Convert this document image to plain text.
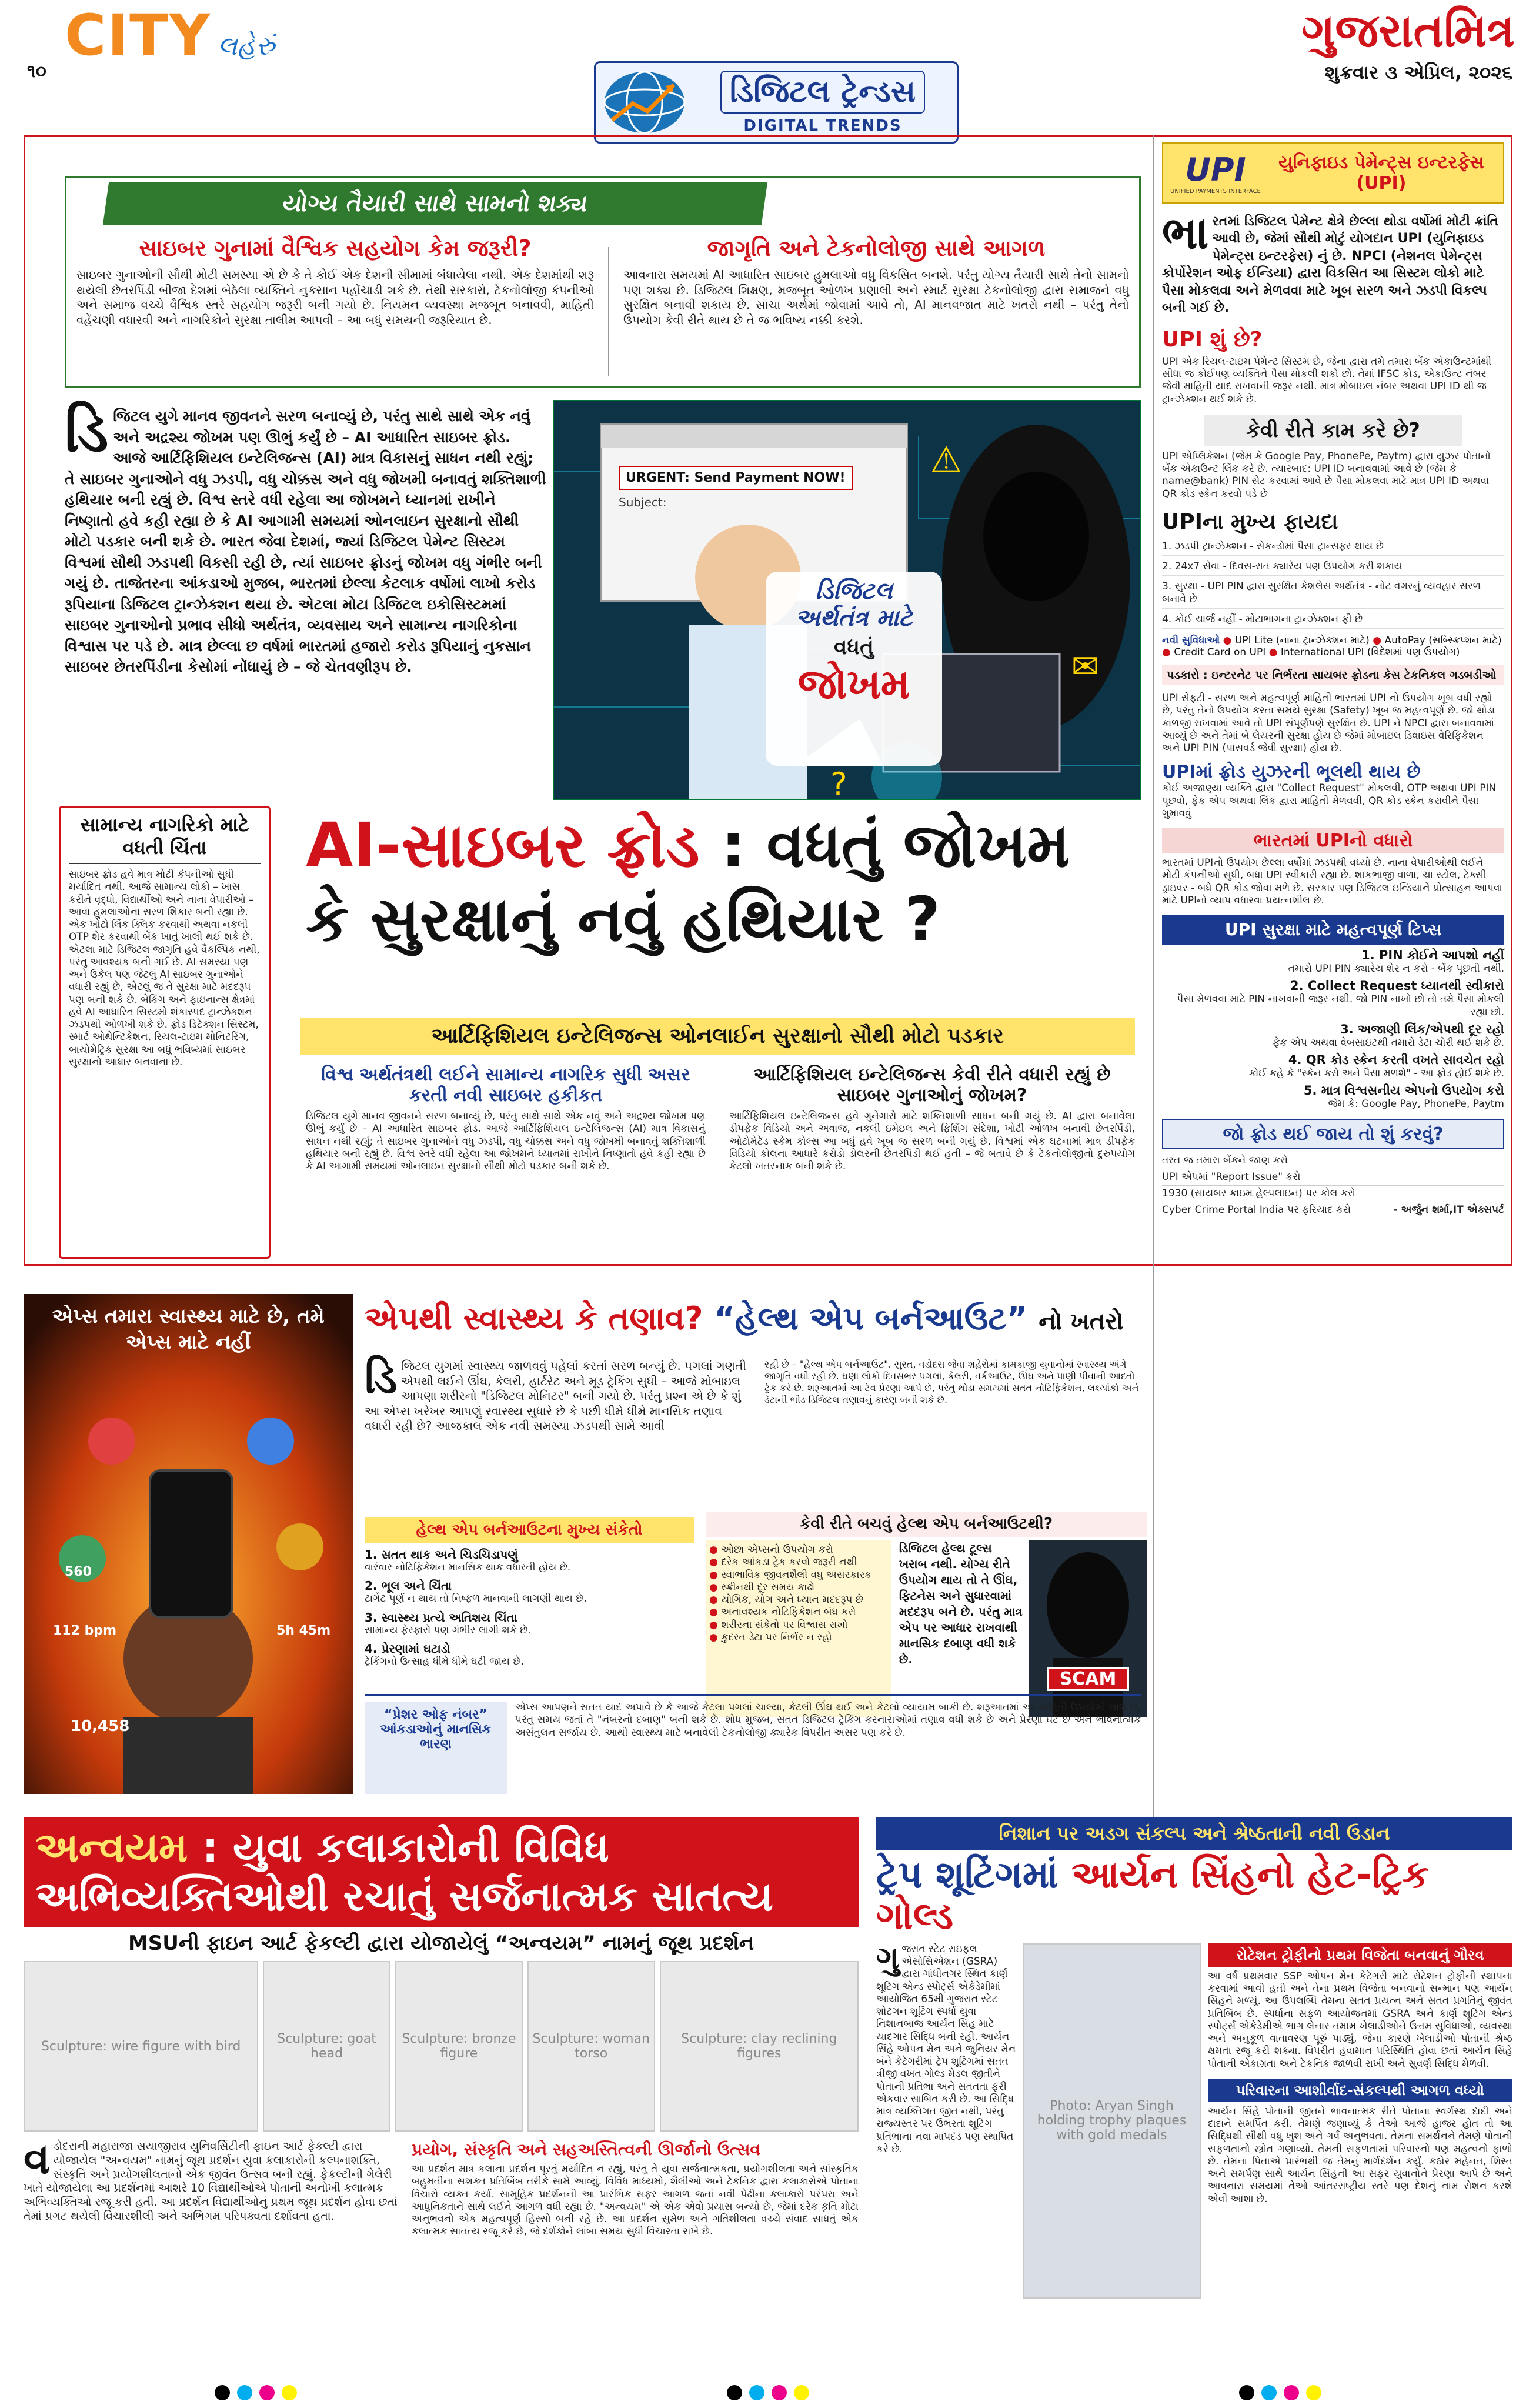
૧૦
CITY લહેરું
ડિજિટલ ટ્રેન્ડસ
DIGITAL TRENDS
ગુજરાતમિત્ર
શુક્રવાર ૩ એપ્રિલ, ૨૦૨૬
યોગ્ય તૈયારી સાથે સામનો શક્ય
સાઇબર ગુનામાં વૈશ્વિક સહયોગ કેમ જરૂરી?
સાઇબર ગુનાઓની સૌથી મોટી સમસ્યા એ છે કે તે કોઈ એક દેશની સીમામાં બંધાયેલા નથી. એક દેશમાંથી શરૂ થયેલી છેતરપિંડી બીજા દેશમાં બેઠેલા વ્યક્તિને નુકસાન પહોંચાડી શકે છે. તેથી સરકારો, ટેકનોલોજી કંપનીઓ અને સમાજ વચ્ચે વૈશ્વિક સ્તરે સહયોગ જરૂરી બની ગયો છે. નિયમન વ્યવસ્થા મજબૂત બનાવવી, માહિતી વહેંચણી વધારવી અને નાગરિકોને સુરક્ષા તાલીમ આપવી – આ બધું સમયની જરૂરિયાત છે.
જાગૃતિ અને ટેકનોલોજી સાથે આગળ
આવનારા સમયમાં AI આધારિત સાઇબર હુમલાઓ વધુ વિકસિત બનશે. પરંતુ યોગ્ય તૈયારી સાથે તેનો સામનો પણ શક્ય છે. ડિજિટલ શિક્ષણ, મજબૂત ઓળખ પ્રણાલી અને સ્માર્ટ સુરક્ષા ટેકનોલોજી દ્વારા સમાજને વધુ સુરક્ષિત બનાવી શકાય છે. સાચા અર્થમાં જોવામાં આવે તો, AI માનવજાત માટે ખતરો નથી – પરંતુ તેનો ઉપયોગ કેવી રીતે થાય છે તે જ ભવિષ્ય નક્કી કરશે.
ડિ જિટલ યુગે માનવ જીવનને સરળ બનાવ્યું છે, પરંતુ સાથે સાથે એક નવું અને અદ્રશ્ય જોખમ પણ ઊભું કર્યું છે – AI આધારિત સાઇબર ફ્રોડ. આજે આર્ટિફિશિયલ ઇન્ટેલિજન્સ (AI) માત્ર વિકાસનું સાધન નથી રહ્યું; તે સાઇબર ગુનાઓને વધુ ઝડપી, વધુ ચોક્કસ અને વધુ જોખમી બનાવતું શક્તિશાળી હથિયાર બની રહ્યું છે. વિશ્વ સ્તરે વધી રહેલા આ જોખમને ધ્યાનમાં રાખીને નિષ્ણાતો હવે કહી રહ્યા છે કે AI આગામી સમયમાં ઓનલાઇન સુરક્ષાનો સૌથી મોટો પડકાર બની શકે છે. ભારત જેવા દેશમાં, જ્યાં ડિજિટલ પેમેન્ટ સિસ્ટમ વિશ્વમાં સૌથી ઝડપથી વિકસી રહી છે, ત્યાં સાઇબર ફ્રોડનું જોખમ વધુ ગંભીર બની ગયું છે. તાજેતરના આંકડાઓ મુજબ, ભારતમાં છેલ્લા કેટલાક વર્ષોમાં લાખો કરોડ રૂપિયાના ડિજિટલ ટ્રાન્ઝેક્શન થયા છે. એટલા મોટા ડિજિટલ ઇકોસિસ્ટમમાં સાઇબર ગુનાઓનો પ્રભાવ સીધો અર્થતંત્ર, વ્યવસાય અને સામાન્ય નાગરિકોના વિશ્વાસ પર પડે છે. માત્ર છેલ્લા છ વર્ષમાં ભારતમાં હજારો કરોડ રૂપિયાનું નુકસાન સાઇબર છેતરપિંડીના કેસોમાં નોંધાયું છે – જે ચેતવણીરૂપ છે.
?
⚠
✉
URGENT: Send Payment NOW!
Subject:
ડિજિટલ
અર્થતંત્ર માટે
વધતું
જોખમ
સામાન્ય નાગરિકો માટે વધતી ચિંતા
સાઇબર ફ્રોડ હવે માત્ર મોટી કંપનીઓ સુધી મર્યાદિત નથી. આજે સામાન્ય લોકો – ખાસ કરીને વૃદ્ધો, વિદ્યાર્થીઓ અને નાના વેપારીઓ – આવા હુમલાઓના સરળ શિકાર બની રહ્યા છે. એક ખોટો લિંક ક્લિક કરવાથી અથવા નકલી OTP શેર કરવાથી બેંક ખાતું ખાલી થઈ શકે છે. એટલા માટે ડિજિટલ જાગૃતિ હવે વૈકલ્પિક નથી, પરંતુ આવશ્યક બની ગઈ છે. AI સમસ્યા પણ અને ઉકેલ પણ જેટલું AI સાઇબર ગુનાઓને વધારી રહ્યું છે, એટલું જ તે સુરક્ષા માટે મદદરૂપ પણ બની શકે છે. બેંકિંગ અને ફાઇનાન્સ ક્ષેત્રમાં હવે AI આધારિત સિસ્ટમો શંકાસ્પદ ટ્રાન્ઝેક્શન ઝડપથી ઓળખી શકે છે. ફ્રોડ ડિટેક્શન સિસ્ટમ, સ્માર્ટ ઓથેન્ટિકેશન, રિયલ-ટાઇમ મોનિટરિંગ, બાયોમેટ્રિક સુરક્ષા આ બધું ભવિષ્યમાં સાઇબર સુરક્ષાનો આધાર બનવાના છે.
AI-સાઇબર ફ્રોડ : વધતું જોખમ
કે સુરક્ષાનું નવું હથિયાર ?
આર્ટિફિશિયલ ઇન્ટેલિજન્સ ઓનલાઈન સુરક્ષાનો સૌથી મોટો પડકાર
વિશ્વ અર્થતંત્રથી લઈને સામાન્ય નાગરિક સુધી અસર કરતી નવી સાઇબર હકીકત
ડિજિટલ યુગે માનવ જીવનને સરળ બનાવ્યું છે, પરંતુ સાથે સાથે એક નવું અને અદ્રશ્ય જોખમ પણ ઊભું કર્યું છે – AI આધારિત સાઇબર ફ્રોડ. આજે આર્ટિફિશિયલ ઇન્ટેલિજન્સ (AI) માત્ર વિકાસનું સાધન નથી રહ્યું; તે સાઇબર ગુનાઓને વધુ ઝડપી, વધુ ચોક્કસ અને વધુ જોખમી બનાવતું શક્તિશાળી હથિયાર બની રહ્યું છે. વિશ્વ સ્તરે વધી રહેલા આ જોખમને ધ્યાનમાં રાખીને નિષ્ણાતો હવે કહી રહ્યા છે કે AI આગામી સમયમાં ઓનલાઇન સુરક્ષાનો સૌથી મોટો પડકાર બની શકે છે.
આર્ટિફિશિયલ ઇન્ટેલિજન્સ કેવી રીતે વધારી રહ્યું છે સાઇબર ગુનાઓનું જોખમ?
આર્ટિફિશિયલ ઇન્ટેલિજન્સ હવે ગુનેગારો માટે શક્તિશાળી સાધન બની ગયું છે. AI દ્વારા બનાવેલા ડીપફેક વિડિયો અને અવાજ, નકલી ઇમેઇલ અને ફિશિંગ સંદેશા, ખોટી ઓળખ બનાવી છેતરપિંડી, ઓટોમેટેડ સ્કેમ કોલ્સ આ બધું હવે ખૂબ જ સરળ બની ગયું છે. વિશ્વમાં એક ઘટનામાં માત્ર ડીપફેક વિડિયો કોલના આધારે કરોડો ડોલરની છેતરપિંડી થઈ હતી – જે બતાવે છે કે ટેકનોલોજીનો દુરુપયોગ કેટલો ખતરનાક બની શકે છે.
UPI
UNIFIED PAYMENTS INTERFACE
યુનિફાઇડ પેમેન્ટ્સ ઇન્ટરફેસ (UPI)
ભા રતમાં ડિજિટલ પેમેન્ટ ક્ષેત્રે છેલ્લા થોડા વર્ષોમાં મોટી ક્રાંતિ આવી છે, જેમાં સૌથી મોટું યોગદાન UPI (યુનિફાઇડ પેમેન્ટ્સ ઇન્ટરફેસ) નું છે. NPCI (નેશનલ પેમેન્ટ્સ કોર્પોરેશન ઓફ ઈન્ડિયા) દ્વારા વિકસિત આ સિસ્ટમ લોકો માટે પૈસા મોકલવા અને મેળવવા માટે ખૂબ સરળ અને ઝડપી વિકલ્પ બની ગઈ છે.
UPI શું છે?
UPI એક રિયલ-ટાઇમ પેમેન્ટ સિસ્ટમ છે, જેના દ્વારા તમે તમારા બેંક એકાઉન્ટમાંથી સીધા જ કોઈપણ વ્યક્તિને પૈસા મોકલી શકો છો. તેમાં IFSC કોડ, એકાઉન્ટ નંબર જેવી માહિતી યાદ રાખવાની જરૂર નથી. માત્ર મોબાઇલ નંબર અથવા UPI ID થી જ ટ્રાન્ઝેક્શન થઈ શકે છે.
કેવી રીતે કામ કરે છે?
UPI એપ્લિકેશન (જેમ કે Google Pay, PhonePe, Paytm) દ્વારા યુઝર પોતાનો બેંક એકાઉન્ટ લિંક કરે છે. ત્યારબાદ: UPI ID બનાવવામાં આવે છે (જેમ કે name@bank) PIN સેટ કરવામાં આવે છે પૈસા મોકલવા માટે માત્ર UPI ID અથવા QR કોડ સ્કેન કરવો પડે છે
UPIના મુખ્ય ફાયદા
1. ઝડપી ટ્રાન્ઝેક્શન - સેકન્ડોમાં પૈસા ટ્રાન્સફર થાય છે
2. 24x7 સેવા - દિવસ-રાત ક્યારેય પણ ઉપયોગ કરી શકાય
3. સુરક્ષા - UPI PIN દ્વારા સુરક્ષિત કેશલેસ અર્થતંત્ર - નોટ વગરનું વ્યવહાર સરળ બનાવે છે
4. કોઈ ચાર્જ નહીં - મોટાભાગના ટ્રાન્ઝેક્શન ફ્રી છે
નવી સુવિધાઓ ● UPI Lite (નાના ટ્રાન્ઝેક્શન માટે) ● AutoPay (સબ્સ્ક્રિપ્શન માટે) ● Credit Card on UPI ● International UPI (વિદેશમાં પણ ઉપયોગ)
પડકારો : ઇન્ટરનેટ પર નિર્ભરતા સાયબર ફ્રોડના કેસ ટેકનિકલ ગડબડીઓ
UPI સેફ્ટી - સરળ અને મહત્વપૂર્ણ માહિતી ભારતમાં UPI નો ઉપયોગ ખૂબ વધી રહ્યો છે, પરંતુ તેનો ઉપયોગ કરતા સમયે સુરક્ષા (Safety) ખૂબ જ મહત્વપૂર્ણ છે. જો થોડા કાળજી રાખવામાં આવે તો UPI સંપૂર્ણપણે સુરક્ષિત છે. UPI ને NPCI દ્વારા બનાવવામાં આવ્યું છે અને તેમાં બે લેયરની સુરક્ષા હોય છે જેમાં મોબાઇલ ડિવાઇસ વેરિફિકેશન અને UPI PIN (પાસવર્ડ જેવી સુરક્ષા) હોય છે.
UPIમાં ફ્રોડ યુઝરની ભૂલથી થાય છે
કોઈ અજાણ્યા વ્યક્તિ દ્વારા "Collect Request" મોકલવી, OTP અથવા UPI PIN પૂછવો, ફેક એપ અથવા લિંક દ્વારા માહિતી મેળવવી, QR કોડ સ્કેન કરાવીને પૈસા ગુમાવવું
ભારતમાં UPIનો વધારો
ભારતમાં UPIનો ઉપયોગ છેલ્લા વર્ષોમાં ઝડપથી વધ્યો છે. નાના વેપારીઓથી લઈને મોટી કંપનીઓ સુધી, બધા UPI સ્વીકારી રહ્યા છે. શાકભાજી વાળા, ચા સ્ટોલ, ટેક્સી ડ્રાઇવર - બધે QR કોડ જોવા મળે છે. સરકાર પણ ડિજિટલ ઇન્ડિયાને પ્રોત્સાહન આપવા માટે UPIનો વ્યાપ વધારવા પ્રયત્નશીલ છે.
UPI સુરક્ષા માટે મહત્વપૂર્ણ ટિપ્સ
1. PIN કોઈને આપશો નહીં
તમારો UPI PIN ક્યારેય શેર ન કરો - બેંક પૂછતી નથી.
2. Collect Request ધ્યાનથી સ્વીકારો
પૈસા મેળવવા માટે PIN નાખવાની જરૂર નથી. જો PIN નાખો છો તો તમે પૈસા મોકલી રહ્યા છો.
3. અજાણી લિંક/એપથી દૂર રહો
ફેક એપ અથવા વેબસાઇટથી તમારો ડેટા ચોરી થઈ શકે છે.
4. QR કોડ સ્કેન કરતી વખતે સાવચેત રહો
કોઈ કહે કે "સ્કેન કરો અને પૈસા મળશે" - આ ફ્રોડ હોઈ શકે છે.
5. માત્ર વિશ્વસનીય એપનો ઉપયોગ કરો
જેમ કે: Google Pay, PhonePe, Paytm
જો ફ્રોડ થઈ જાય તો શું કરવું?
તરત જ તમારા બેંકને જાણ કરો
UPI એપમાં "Report Issue" કરો
1930 (સાયબર ક્રાઇમ હેલ્પલાઇન) પર કોલ કરો
Cyber Crime Portal India પર ફરિયાદ કરો	- અર્જુન શર્મા,IT એક્સપર્ટ
એપ્સ તમારા સ્વાસ્થ્ય માટે છે, તમે એપ્સ માટે નહીં
560
112 bpm	5h 45m
10,458
એપથી સ્વાસ્થ્ય કે તણાવ? “હેલ્થ એપ બર્નઆઉટ” નો ખતરો
ડિ જિટલ યુગમાં સ્વાસ્થ્ય જાળવવું પહેલાં કરતાં સરળ બન્યું છે. પગલાં ગણતી એપથી લઈને ઊંઘ, કેલરી, હાર્ટરેટ અને મૂડ ટ્રેકિંગ સુધી – આજે મોબાઇલ આપણા શરીરનો "ડિજિટલ મોનિટર" બની ગયો છે. પરંતુ પ્રશ્ન એ છે કે શું આ એપ્સ ખરેખર આપણું સ્વાસ્થ્ય સુધારે છે કે પછી ધીમે ધીમે માનસિક તણાવ વધારી રહી છે? આજકાલ એક નવી સમસ્યા ઝડપથી સામે આવી
રહી છે – "હેલ્થ એપ બર્નઆઉટ". સુરત, વડોદરા જેવા શહેરોમાં કામકાજી યુવાનોમાં સ્વાસ્થ્ય અંગે જાગૃતિ વધી રહી છે. ઘણા લોકો દિવસભર પગલાં, કેલરી, વર્કઆઉટ, ઊંઘ અને પાણી પીવાની આદતો ટ્રેક કરે છે. શરૂઆતમાં આ ટેવ પ્રેરણા આપે છે, પરંતુ થોડા સમયમાં સતત નોટિફિકેશન, લક્ષ્યાંકો અને ડેટાની ભીડ ડિજિટલ તણાવનું કારણ બની શકે છે.
હેલ્થ એપ બર્નઆઉટના મુખ્ય સંકેતો
1. સતત થાક અને ચિડચિડાપણું
વારંવાર નોટિફિકેશન માનસિક થાક વધારતી હોય છે.
2. ભૂલ અને ચિંતા
ટાર્ગેટ પૂર્ણ ન થાય તો નિષ્ફળ માનવાની લાગણી થાય છે.
3. સ્વાસ્થ્ય પ્રત્યે અતિશય ચિંતા
સામાન્ય ફેરફારો પણ ગંભીર લાગી શકે છે.
4. પ્રેરણામાં ઘટાડો
ટ્રેકિંગનો ઉત્સાહ ધીમે ધીમે ઘટી જાય છે.
કેવી રીતે બચવું હેલ્થ એપ બર્નઆઉટથી?
● ઓછા એપ્સનો ઉપયોગ કરો
● દરેક આંકડા ટ્રેક કરવો જરૂરી નથી
● સ્વાભાવિક જીવનશૈલી વધુ અસરકારક
● સ્ક્રીનથી દૂર સમય કાઢો
● યોગિક, યોગ અને ધ્યાન મદદરૂપ છે
● અનાવશ્યક નોટિફિકેશન બંધ કરો
● શરીરના સંકેતો પર વિશ્વાસ રાખો
● કુદરત ડેટા પર નિર્ભર ન રહો
ડિજિટલ હેલ્થ ટૂલ્સ ખરાબ નથી. યોગ્ય રીતે ઉપયોગ થાય તો તે ઊંઘ, ફિટનેસ અને સુધારવામાં મદદરૂપ બને છે. પરંતુ માત્ર એપ પર આધાર રાખવાથી માનસિક દબાણ વધી શકે છે.
SCAM
“પ્રેશર ઓફ નંબર” આંકડાઓનું માનસિક ભારણ
એપ્સ આપણને સતત યાદ અપાવે છે કે આજે કેટલા પગલાં ચાલ્યા, કેટલી ઊંઘ થઈ અને કેટલો વ્યાયામ બાકી છે. શરૂઆતમાં આ માહિતી ઉપયોગી લાગે છે, પરંતુ સમય જતાં તે "નંબરનો દબાણ" બની શકે છે. શોધ મુજબ, સતત ડિજિટલ ટ્રેકિંગ કરનારાઓમાં તણાવ વધી શકે છે અને પ્રેરણા ઘટે છે અને ભાવનાત્મક અસંતુલન સર્જાય છે. આથી સ્વાસ્થ્ય માટે બનાવેલી ટેકનોલોજી ક્યારેક વિપરીત અસર પણ કરે છે.
અન્વયમ : યુવા કલાકારોની વિવિધ
અભિવ્યક્તિઓથી રચાતું સર્જનાત્મક સાતત્ય
MSUની ફાઇન આર્ટ ફેકલ્ટી દ્વારા યોજાયેલું “અન્વયમ” નામનું જૂથ પ્રદર્શન
Sculpture: wire figure with bird	Sculpture: goat head
Sculpture: bronze figure
Sculpture: woman torso
Sculpture: clay reclining figures
વ ડોદરાની મહારાજા સયાજીરાવ યુનિવર્સિટીની ફાઇન આર્ટ ફેકલ્ટી દ્વારા યોજાયેલ "અન્વયમ" નામનું જૂથ પ્રદર્શન યુવા કલાકારોની કલ્પનાશક્તિ, સંસ્કૃતિ અને પ્રયોગશીલતાનો એક જીવંત ઉત્સવ બની રહ્યું. ફેકલ્ટીની ગેલેરી ખાતે યોજાયેલા આ પ્રદર્શનમાં આશરે 10 વિદ્યાર્થીઓએ પોતાની અનોખી કલાત્મક અભિવ્યક્તિઓ રજૂ કરી હતી. આ પ્રદર્શન વિદ્યાર્થીઓનું પ્રથમ જૂથ પ્રદર્શન હોવા છતાં તેમાં પ્રગટ થયેલી વિચારશીલી અને અભિગમ પરિપક્વતા દર્શાવતા હતા.
પ્રયોગ, સંસ્કૃતિ અને સહઅસ્તિત્વની ઊર્જાનો ઉત્સવ
આ પ્રદર્શન માત્ર કલાના પ્રદર્શન પૂરતું મર્યાદિત ન રહ્યું, પરંતુ તે યુવા સર્જનાત્મકતા, પ્રયોગશીલતા અને સાંસ્કૃતિક બહુમતીના સશક્ત પ્રતિબિંબ તરીકે સામે આવ્યું. વિવિધ માધ્યમો, શૈલીઓ અને ટેકનિક દ્વારા કલાકારોએ પોતાના વિચારો વ્યક્ત કર્યા. સામૂહિક પ્રદર્શનની આ પ્રારંભિક સફર આગળ જતાં નવી પેઢીના કલાકારો પરંપરા અને આધુનિકતાને સાથે લઈને આગળ વધી રહ્યા છે. "અન્વયમ" એ એક એવો પ્રયાસ બન્યો છે, જેમાં દરેક કૃતિ મોટા અનુભવનો એક મહત્વપૂર્ણ હિસ્સો બની રહે છે. આ પ્રદર્શન સુમેળ અને ગતિશીલતા વચ્ચે સંવાદ સાધતું એક કલાત્મક સાતત્ય રજૂ કરે છે, જે દર્શકોને લાંબા સમય સુધી વિચારતા રાખે છે.
નિશાન પર અડગ સંકલ્પ અને શ્રેષ્ઠતાની નવી ઉડાન
ટ્રેપ શૂટિંગમાં આર્યન સિંહનો હેટ-ટ્રિક ગોલ્ડ
ગુ જરાત સ્ટેટ રાઇફલ એસોસિએશન (GSRA) દ્વારા ગાંધીનગર સ્થિત કાર્ણ શૂટિંગ એન્ડ સ્પોર્ટ્સ એકેડેમીમાં આયોજિત 65મી ગુજરાત સ્ટેટ શોટગન શૂટિંગ સ્પર્ધા યુવા નિશાનબાજ આર્યન સિંહ માટે યાદગાર સિદ્ધિ બની રહી. આર્યન સિંહે ઓપન મેન અને જુનિયર મેન બંને કેટેગરીમાં ટ્રેપ શૂટિંગમાં સતત ત્રીજી વખત ગોલ્ડ મેડલ જીતીને પોતાની પ્રતિભા અને સતતતા ફરી એકવાર સાબિત કરી છે. આ સિદ્ધિ માત્ર વ્યક્તિગત જીત નથી, પરંતુ રાજ્યસ્તર પર ઉભરતા શૂટિંગ પ્રતિભાના નવા માપદંડ પણ સ્થાપિત કરે છે.
Photo: Aryan Singh holding trophy plaques with gold medals
રોટેશન ટ્રોફીનો પ્રથમ વિજેતા બનવાનું ગૌરવ
આ વર્ષ પ્રથમવાર SSP ઓપન મેન કેટેગરી માટે રોટેશન ટ્રોફીની સ્થાપના કરવામાં આવી હતી અને તેના પ્રથમ વિજેતા બનવાનો સન્માન પણ આર્યન સિંહને મળ્યું. આ ઉપલબ્ધિ તેમના સતત પ્રયત્ન અને સતત પ્રગતિનું જીવંત પ્રતિબિંબ છે. સ્પર્ધાના સફળ આયોજનમાં GSRA અને કાર્ણ શૂટિંગ એન્ડ સ્પોર્ટ્સ એકેડેમીએ ભાગ લેનાર તમામ ખેલાડીઓને ઉત્તમ સુવિધાઓ, વ્યવસ્થા અને અનુકૂળ વાતાવરણ પૂરું પાડ્યું, જેના કારણે ખેલાડીઓ પોતાની શ્રેષ્ઠ ક્ષમતા રજૂ કરી શક્યા. વિપરીત હવામાન પરિસ્થિતિ હોવા છતાં આર્યન સિંહે પોતાની એકાગ્રતા અને ટેકનિક જાળવી રાખી અને સુવર્ણ સિદ્ધિ મેળવી.
પરિવારના આશીર્વાદ-સંકલ્પથી આગળ વધ્યો
આર્યન સિંહે પોતાની જીતને ભાવનાત્મક રીતે પોતાના સ્વર્ગસ્થ દાદી અને દાદાને સમર્પિત કરી. તેમણે જણાવ્યું કે તેઓ આજે હાજર હોત તો આ સિદ્ધિથી સૌથી વધુ ખુશ અને ગર્વ અનુભવતા. તેમના સમર્થનને તેમણે પોતાની સફળતાનો સ્ત્રોત ગણાવ્યો. તેમની સફળતામાં પરિવારનો પણ મહત્વનો ફાળો છે. તેમના પિતાએ પ્રારંભથી જ તેમનું માર્ગદર્શન કર્યું. કઠોર મહેનત, શિસ્ત અને સમર્પણ સાથે આર્યન સિંહની આ સફર યુવાનોને પ્રેરણા આપે છે અને આવનારા સમયમાં તેઓ આંતરરાષ્ટ્રીય સ્તરે પણ દેશનું નામ રોશન કરશે એવી આશા છે.
